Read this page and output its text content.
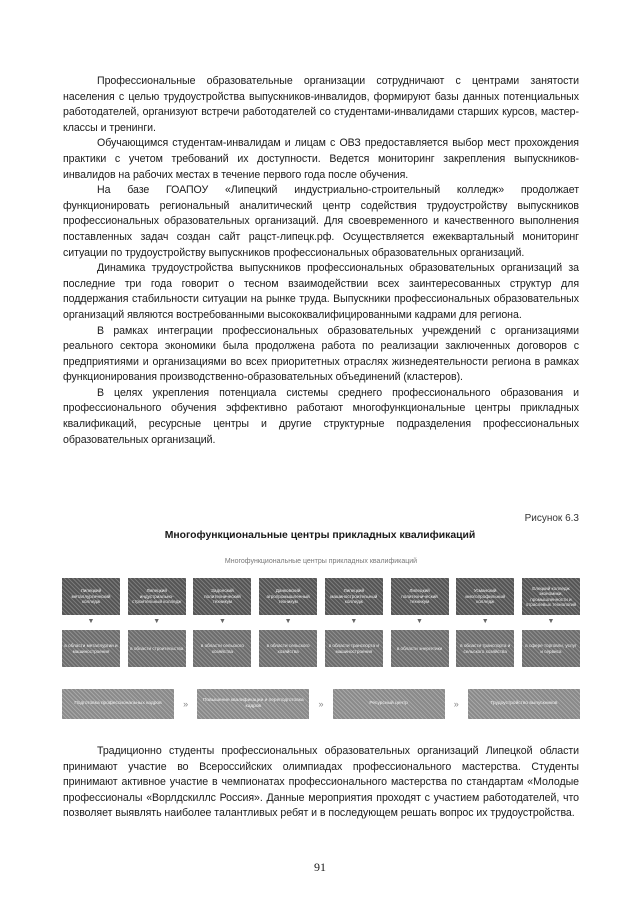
Профессиональные образовательные организации сотрудничают с центрами занятости населения с целью трудоустройства выпускников-инвалидов, формируют базы данных потенциальных работодателей, организуют встречи работодателей со студентами-инвалидами старших курсов, мастер-классы и тренинги.

Обучающимся студентам-инвалидам и лицам с ОВЗ предоставляется выбор мест прохождения практики с учетом требований их доступности. Ведется мониторинг закрепления выпускников-инвалидов на рабочих местах в течение первого года после обучения.

На базе ГОАПОУ «Липецкий индустриально-строительный колледж» продолжает функционировать региональный аналитический центр содействия трудоустройству выпускников профессиональных образовательных организаций. Для своевременного и качественного выполнения поставленных задач создан сайт рацст-липецк.рф. Осуществляется ежеквартальный мониторинг ситуации по трудоустройству выпускников профессиональных образовательных организаций.

Динамика трудоустройства выпускников профессиональных образовательных организаций за последние три года говорит о тесном взаимодействии всех заинтересованных структур для поддержания стабильности ситуации на рынке труда. Выпускники профессиональных образовательных организаций являются востребованными высококвалифицированными кадрами для региона.

В рамках интеграции профессиональных образовательных учреждений с организациями реального сектора экономики была продолжена работа по реализации заключенных договоров с предприятиями и организациями во всех приоритетных отраслях жизнедеятельности региона в рамках функционирования производственно-образовательных объединений (кластеров).

В целях укрепления потенциала системы среднего профессионального образования и профессионального обучения эффективно работают многофункциональные центры прикладных квалификаций, ресурсные центры и другие структурные подразделения профессиональных образовательных организаций.

Рисунок 6.3
Многофункциональные центры прикладных квалификаций
Многофункциональные центры прикладных квалификаций
Липецкий металлургический колледж
Липецкий индустриально-строительный колледж
Задонский политехнический техникум
Данковский агропромышленный техникум
Липецкий машиностроительный колледж
Липецкий политехнический техникум
Усманский многопрофильный колледж
Елецкий колледж экономики, промышленности и отраслевых технологий
▼	▼	▼	▼	▼	▼	▼	▼
в области металлургии и машиностроения
в области строительства
в области сельского хозяйства
в области сельского хозяйства
в области транспорта и машиностроения
в области энергетики
в области транспорта и сельского хозяйства
в сфере торговли, услуг и сервиса
Подготовка профессиональных кадров	»	Повышение квалификации и переподготовка кадров	»	Ресурсный центр	»	Трудоустройство выпускников

Традиционно студенты профессиональных образовательных организаций Липецкой области принимают участие во Всероссийских олимпиадах профессионального мастерства. Студенты принимают активное участие в чемпионатах профессионального мастерства по стандартам «Молодые профессионалы «Ворлдскиллс Россия». Данные мероприятия проходят с участием работодателей, что позволяет выявлять наиболее талантливых ребят и в последующем решать вопрос их трудоустройства.

91
